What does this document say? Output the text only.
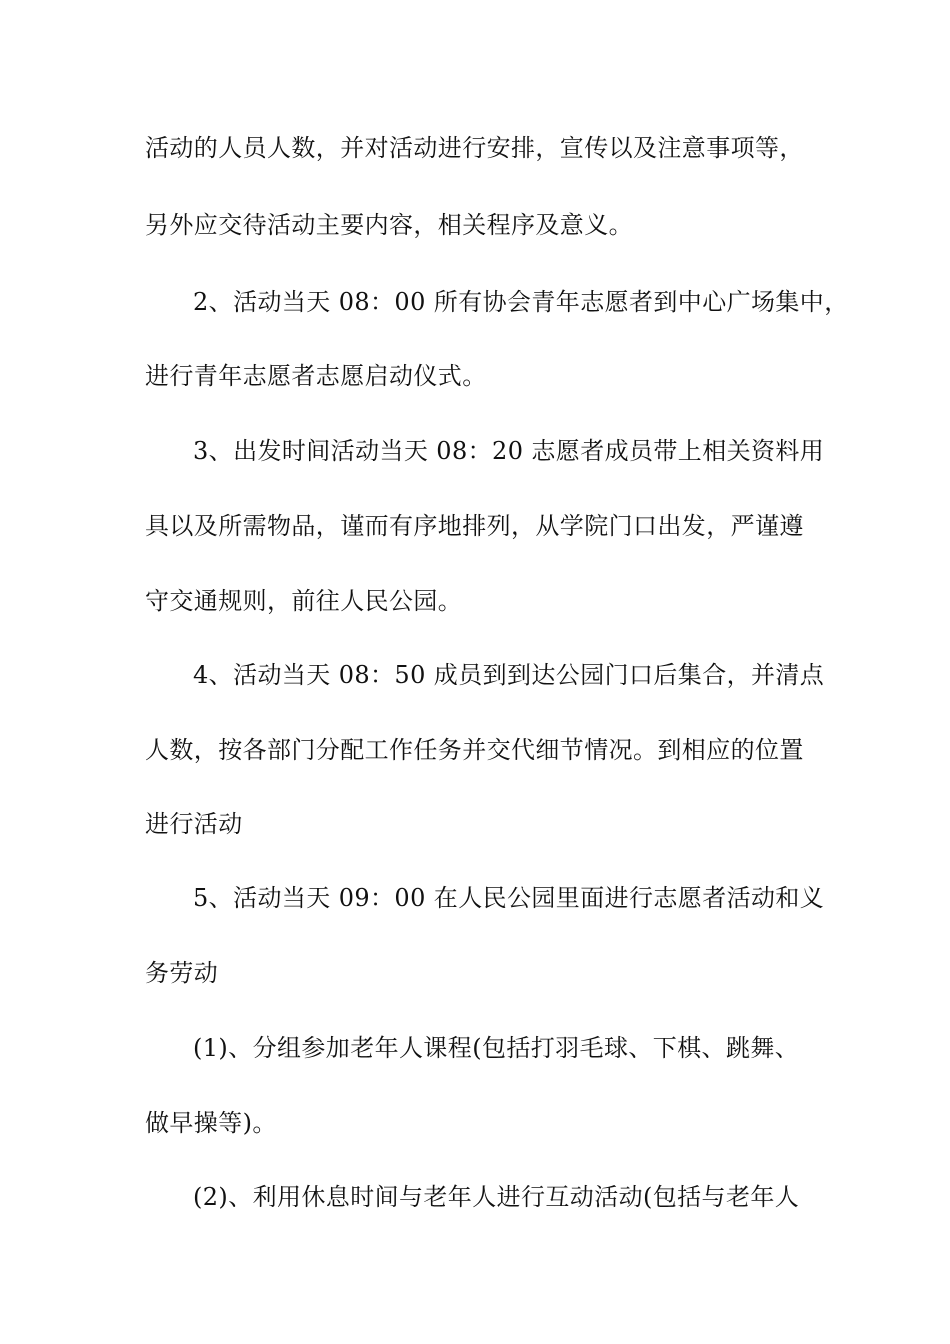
活动的人员人数，并对活动进行安排，宣传以及注意事项等，
另外应交待活动主要内容，相关程序及意义。
2、活动当天 08：00 所有协会青年志愿者到中心广场集中，
进行青年志愿者志愿启动仪式。
3、出发时间活动当天 08：20 志愿者成员带上相关资料用
具以及所需物品，谨而有序地排列，从学院门口出发，严谨遵
守交通规则，前往人民公园。
4、活动当天 08：50 成员到到达公园门口后集合，并清点
人数，按各部门分配工作任务并交代细节情况。到相应的位置
进行活动
5、活动当天 09：00 在人民公园里面进行志愿者活动和义
务劳动
(1)、分组参加老年人课程(包括打羽毛球、下棋、跳舞、
做早操等)。
(2)、利用休息时间与老年人进行互动活动(包括与老年人
